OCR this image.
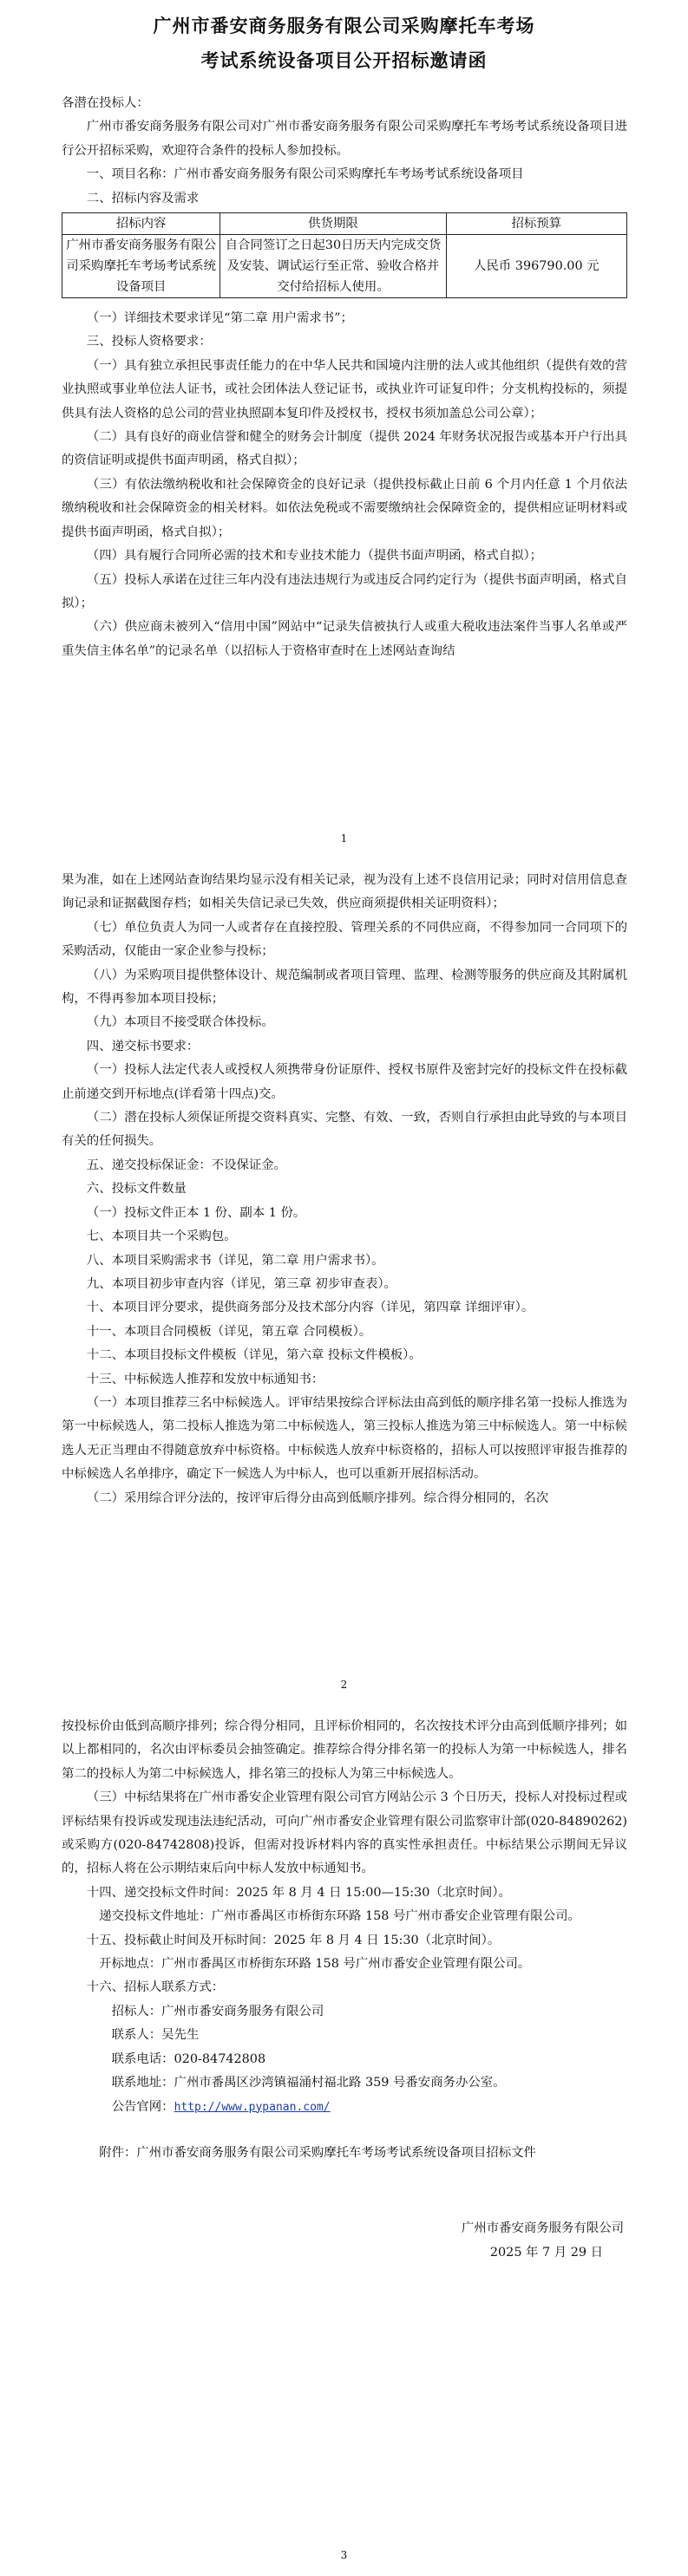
广州市番安商务服务有限公司采购摩托车考场
考试系统设备项目公开招标邀请函

各潜在投标人：

广州市番安商务服务有限公司对广州市番安商务服务有限公司采购摩托车考场考试系统设备项目进行公开招标采购，欢迎符合条件的投标人参加投标。

一、项目名称：广州市番安商务服务有限公司采购摩托车考场考试系统设备项目

二、招标内容及需求

招标内容	供货期限	招标预算
广州市番安商务服务有限公司采购摩托车考场考试系统设备项目	自合同签订之日起30日历天内完成交货及安装、调试运行至正常、验收合格并交付给招标人使用。	人民币 396790.00 元

（一）详细技术要求详见“第二章 用户需求书”；

三、投标人资格要求：

（一）具有独立承担民事责任能力的在中华人民共和国境内注册的法人或其他组织（提供有效的营业执照或事业单位法人证书，或社会团体法人登记证书，或执业许可证复印件；分支机构投标的，须提供具有法人资格的总公司的营业执照副本复印件及授权书，授权书须加盖总公司公章）；

（二）具有良好的商业信誉和健全的财务会计制度（提供 2024 年财务状况报告或基本开户行出具的资信证明或提供书面声明函，格式自拟）；

（三）有依法缴纳税收和社会保障资金的良好记录（提供投标截止日前 6 个月内任意 1 个月依法缴纳税收和社会保障资金的相关材料。如依法免税或不需要缴纳社会保障资金的，提供相应证明材料或提供书面声明函，格式自拟）；

（四）具有履行合同所必需的技术和专业技术能力（提供书面声明函，格式自拟）；

（五）投标人承诺在过往三年内没有违法违规行为或违反合同约定行为（提供书面声明函，格式自拟）；

（六）供应商未被列入“信用中国”网站中“记录失信被执行人或重大税收违法案件当事人名单或严重失信主体名单”的记录名单（以招标人于资格审查时在上述网站查询结

1

果为准，如在上述网站查询结果均显示没有相关记录，视为没有上述不良信用记录；同时对信用信息查询记录和证据截图存档；如相关失信记录已失效，供应商须提供相关证明资料）；

（七）单位负责人为同一人或者存在直接控股、管理关系的不同供应商，不得参加同一合同项下的采购活动，仅能由一家企业参与投标；

（八）为采购项目提供整体设计、规范编制或者项目管理、监理、检测等服务的供应商及其附属机构，不得再参加本项目投标；

（九）本项目不接受联合体投标。

四、递交标书要求：

（一）投标人法定代表人或授权人须携带身份证原件、授权书原件及密封完好的投标文件在投标截止前递交到开标地点(详看第十四点)交。

（二）潜在投标人须保证所提交资料真实、完整、有效、一致，否则自行承担由此导致的与本项目有关的任何损失。

五、递交投标保证金：不设保证金。

六、投标文件数量

（一）投标文件正本 1 份、副本 1 份。

七、本项目共一个采购包。

八、本项目采购需求书（详见，第二章 用户需求书）。

九、本项目初步审查内容（详见，第三章 初步审查表）。

十、本项目评分要求，提供商务部分及技术部分内容（详见，第四章 详细评审）。

十一、本项目合同模板（详见，第五章 合同模板）。

十二、本项目投标文件模板（详见，第六章 投标文件模板）。

十三、中标候选人推荐和发放中标通知书：

（一）本项目推荐三名中标候选人。评审结果按综合评标法由高到低的顺序排名第一投标人推选为第一中标候选人，第二投标人推选为第二中标候选人，第三投标人推选为第三中标候选人。第一中标候选人无正当理由不得随意放弃中标资格。中标候选人放弃中标资格的，招标人可以按照评审报告推荐的中标候选人名单排序，确定下一候选人为中标人，也可以重新开展招标活动。

（二）采用综合评分法的，按评审后得分由高到低顺序排列。综合得分相同的，名次

2

按投标价由低到高顺序排列；综合得分相同，且评标价相同的，名次按技术评分由高到低顺序排列；如以上都相同的，名次由评标委员会抽签确定。推荐综合得分排名第一的投标人为第一中标候选人，排名第二的投标人为第二中标候选人，排名第三的投标人为第三中标候选人。

（三）中标结果将在广州市番安企业管理有限公司官方网站公示 3 个日历天，投标人对投标过程或评标结果有投诉或发现违法违纪活动，可向广州市番安企业管理有限公司监察审计部(020-84890262)或采购方(020-84742808)投诉，但需对投诉材料内容的真实性承担责任。中标结果公示期间无异议的，招标人将在公示期结束后向中标人发放中标通知书。

十四、递交投标文件时间：2025 年 8 月 4 日 15:00—15:30（北京时间）。

递交投标文件地址：广州市番禺区市桥街东环路 158 号广州市番安企业管理有限公司。

十五、投标截止时间及开标时间：2025 年 8 月 4 日 15:30（北京时间）。

开标地点：广州市番禺区市桥街东环路 158 号广州市番安企业管理有限公司。

十六、招标人联系方式：

招标人：广州市番安商务服务有限公司

联系人：吴先生

联系电话：020-84742808

联系地址：广州市番禺区沙湾镇福涌村福北路 359 号番安商务办公室。

公告官网：http://www.pypanan.com/

附件：广州市番安商务服务有限公司采购摩托车考场考试系统设备项目招标文件

广州市番安商务服务有限公司

2025 年 7 月 29 日

3
